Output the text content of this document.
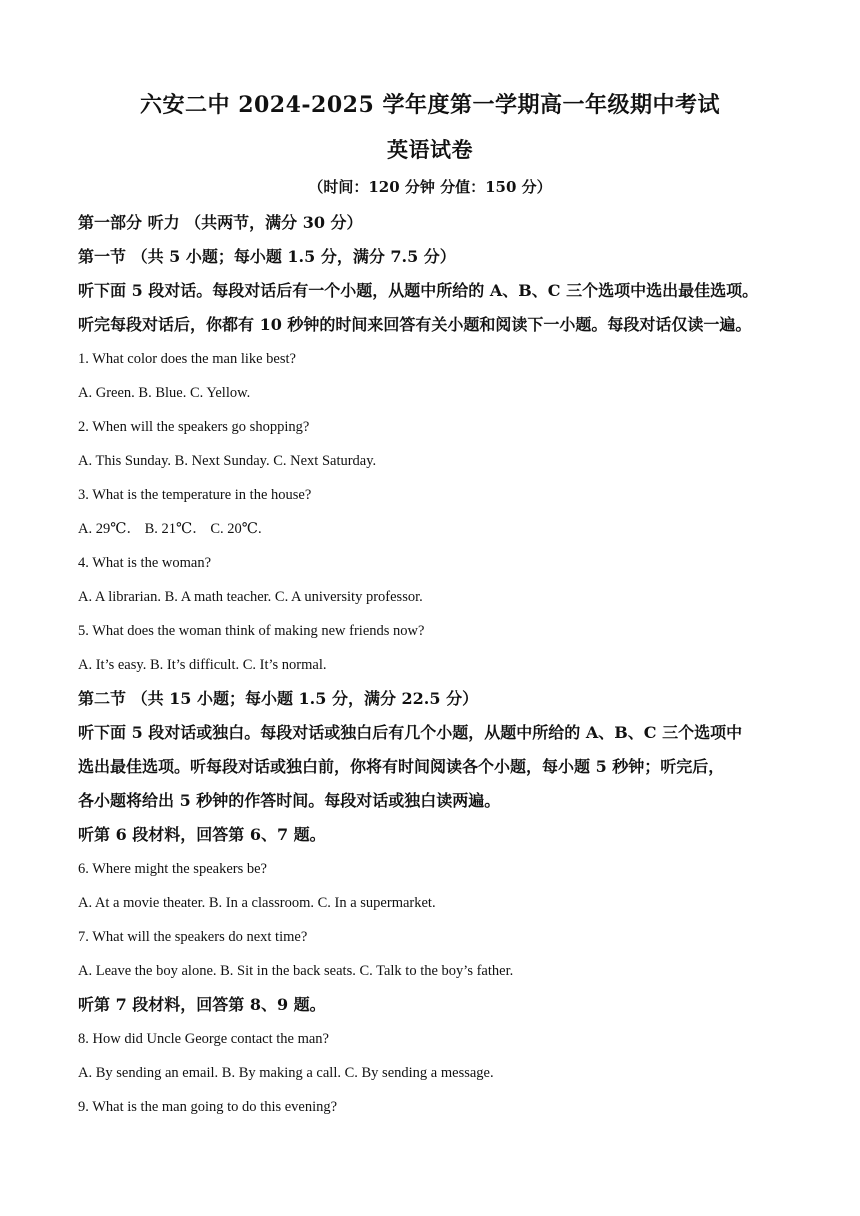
六安二中 2024-2025 学年度第一学期高一年级期中考试
英语试卷
（时间：120 分钟 分值：150 分）
第一部分 听力 （共两节，满分 30 分）
第一节 （共 5 小题；每小题 1.5 分，满分 7.5 分）
听下面 5 段对话。每段对话后有一个小题，从题中所给的 A、B、C 三个选项中选出最佳选项。
听完每段对话后，你都有 10 秒钟的时间来回答有关小题和阅读下一小题。每段对话仅读一遍。
1. What color does the man like best?
A. Green. B. Blue. C. Yellow.
2. When will the speakers go shopping?
A. This Sunday. B. Next Sunday. C. Next Saturday.
3. What is the temperature in the house?
A. 29℃． B. 21℃． C. 20℃.
4. What is the woman?
A. A librarian. B. A math teacher. C. A university professor.
5. What does the woman think of making new friends now?
A. It’s easy. B. It’s difficult. C. It’s normal.
第二节 （共 15 小题；每小题 1.5 分，满分 22.5 分）
听下面 5 段对话或独白。每段对话或独白后有几个小题，从题中所给的 A、B、C 三个选项中
选出最佳选项。听每段对话或独白前，你将有时间阅读各个小题，每小题 5 秒钟；听完后，
各小题将给出 5 秒钟的作答时间。每段对话或独白读两遍。
听第 6 段材料，回答第 6、7 题。
6. Where might the speakers be?
A. At a movie theater. B. In a classroom. C. In a supermarket.
7. What will the speakers do next time?
A. Leave the boy alone. B. Sit in the back seats. C. Talk to the boy’s father.
听第 7 段材料，回答第 8、9 题。
8. How did Uncle George contact the man?
A. By sending an email. B. By making a call. C. By sending a message.
9. What is the man going to do this evening?
